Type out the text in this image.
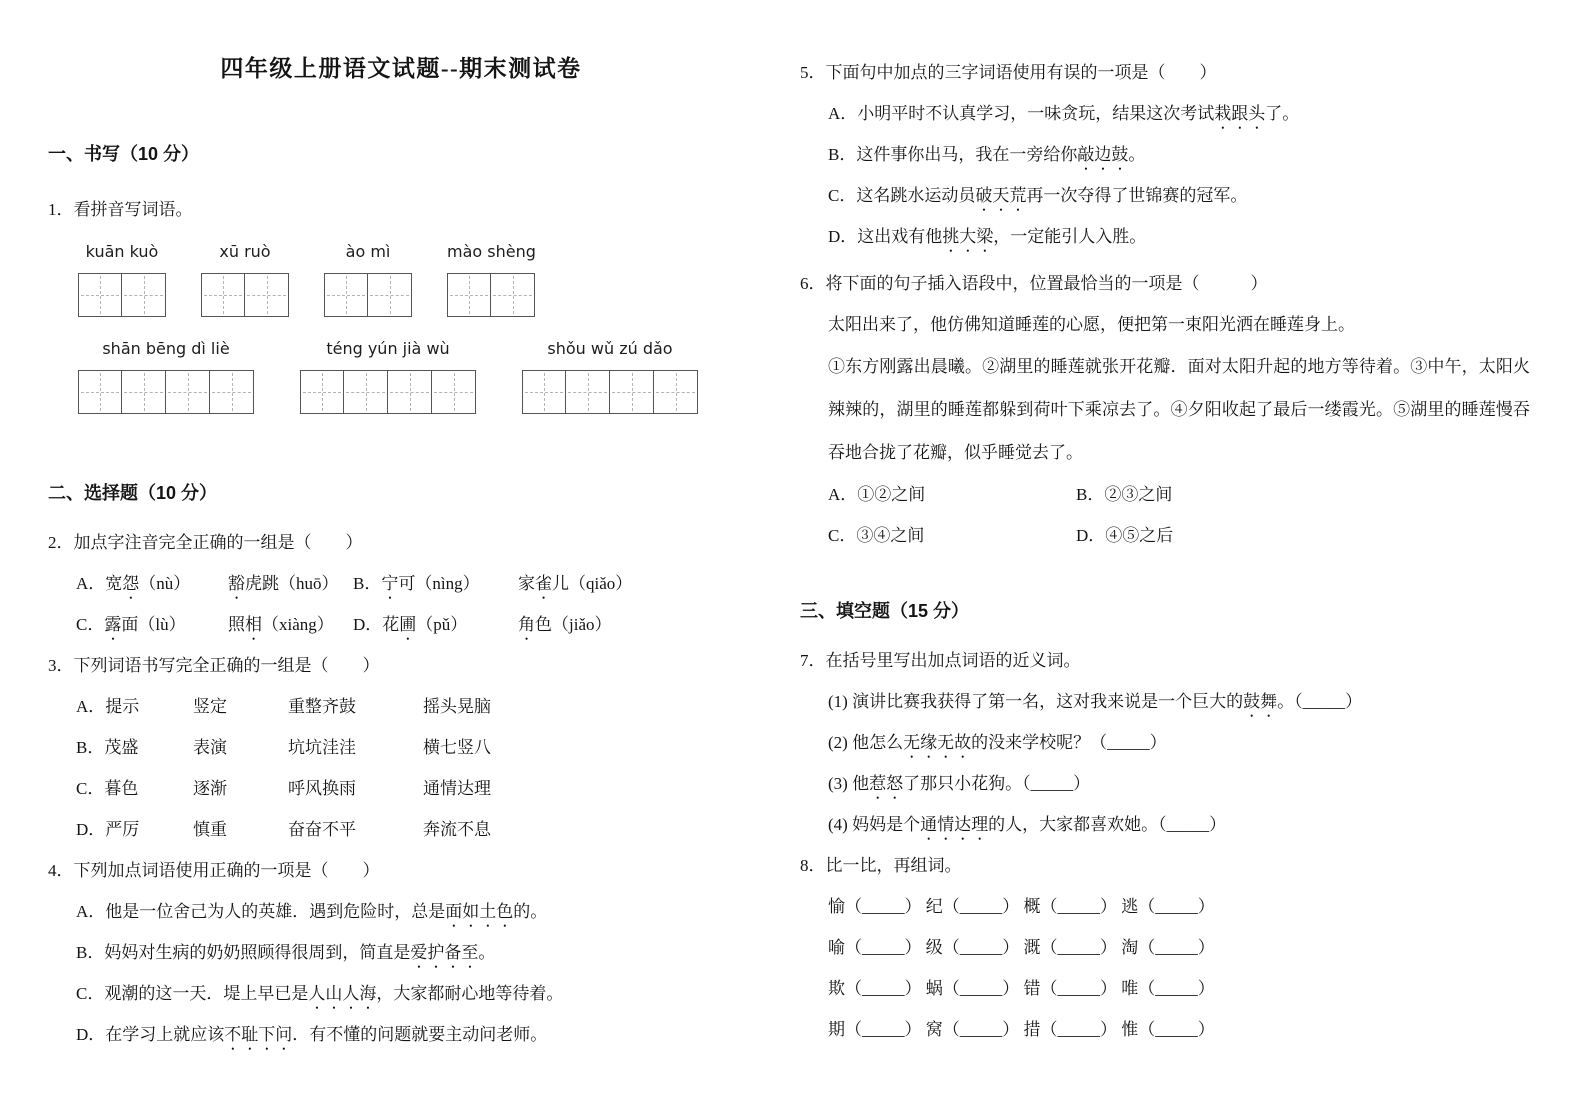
四年级上册语文试题--期末测试卷
一、书写（10 分）
1．看拼音写词语。
kuān kuò	xū ruò	ào mì	mào shèng
shān bēng dì liè	téng yún jià wù	shǒu wǔ zú dǎo
二、选择题（10 分）
2．加点字注音完全正确的一组是（　　）
A．宽怨（nù）	豁虎跳（huō） B．宁可（nìng）	家雀儿（qiǎo）
C．露面（lù）	照相（xiàng）	D．花圃（pǔ）	角色（jiǎo）
3．下列词语书写完全正确的一组是（　　）
A．提示	竖定	重整齐鼓	摇头晃脑
B．茂盛	表演	坑坑洼洼	横七竖八
C．暮色	逐渐	呼风换雨	通情达理
D．严厉	慎重	奋奋不平	奔流不息
4．下列加点词语使用正确的一项是（　　）
A．他是一位舍己为人的英雄．遇到危险时，总是面如土色的。
B．妈妈对生病的奶奶照顾得很周到，简直是爱护备至。
C．观潮的这一天．堤上早已是人山人海，大家都耐心地等待着。
D．在学习上就应该不耻下问．有不懂的问题就要主动问老师。
5．下面句中加点的三字词语使用有误的一项是（　　）
A．小明平时不认真学习，一味贪玩，结果这次考试栽跟头了。
B．这件事你出马，我在一旁给你敲边鼓。
C．这名跳水运动员破天荒再一次夺得了世锦赛的冠军。
D．这出戏有他挑大梁，一定能引人入胜。
6．将下面的句子插入语段中，位置最恰当的一项是（　　　）
太阳出来了，他仿佛知道睡莲的心愿，便把第一束阳光洒在睡莲身上。
①东方刚露出晨曦。②湖里的睡莲就张开花瓣．面对太阳升起的地方等待着。③中午，太阳火辣辣的，湖里的睡莲都躲到荷叶下乘凉去了。④夕阳收起了最后一缕霞光。⑤湖里的睡莲慢吞吞地合拢了花瓣，似乎睡觉去了。
A．①②之间	B．②③之间
C．③④之间	D．④⑤之后
三、填空题（15 分）
7．在括号里写出加点词语的近义词。
(1) 演讲比赛我获得了第一名，这对我来说是一个巨大的鼓舞。（_____）
(2) 他怎么无缘无故的没来学校呢？（_____）
(3) 他惹怒了那只小花狗。（_____）
(4) 妈妈是个通情达理的人，大家都喜欢她。（_____）
8．比一比，再组词。
愉（_____） 纪（_____） 概（_____） 逃（_____）
喻（_____） 级（_____） 溉（_____） 淘（_____）
欺（_____） 蜗（_____） 错（_____） 唯（_____）
期（_____） 窝（_____） 措（_____） 惟（_____）
